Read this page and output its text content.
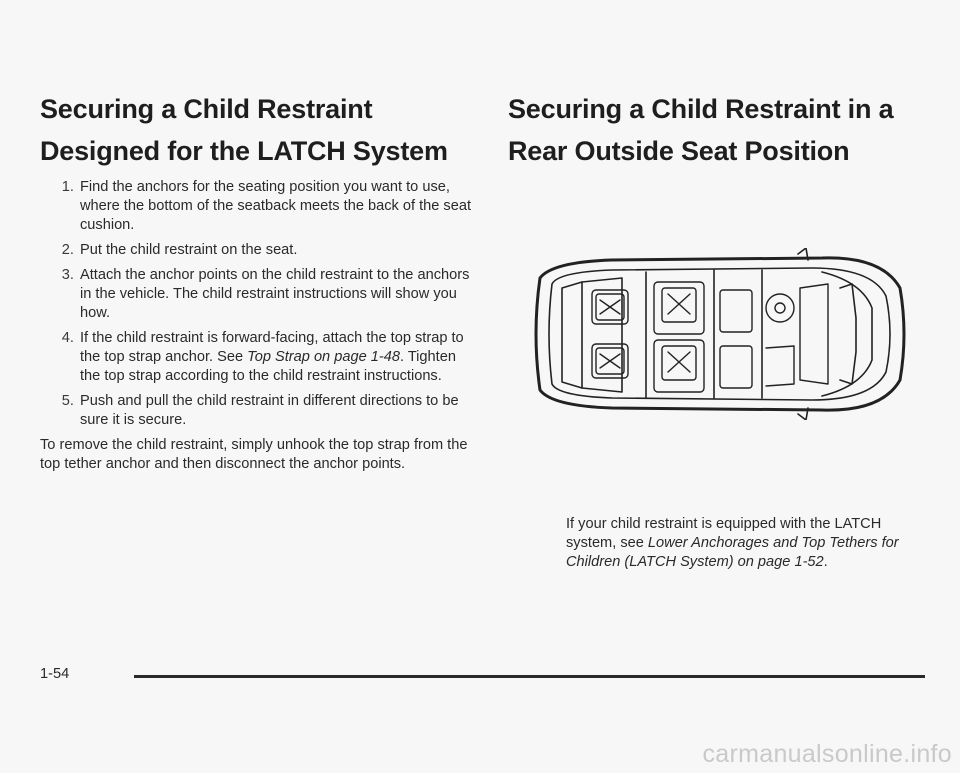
Securing a Child Restraint Designed for the LATCH System
1. Find the anchors for the seating position you want to use, where the bottom of the seatback meets the back of the seat cushion.
2. Put the child restraint on the seat.
3. Attach the anchor points on the child restraint to the anchors in the vehicle. The child restraint instructions will show you how.
4. If the child restraint is forward-facing, attach the top strap to the top strap anchor. See Top Strap on page 1-48. Tighten the top strap according to the child restraint instructions.
5. Push and pull the child restraint in different directions to be sure it is secure.

To remove the child restraint, simply unhook the top strap from the top tether anchor and then disconnect the anchor points.

Securing a Child Restraint in a Rear Outside Seat Position

If your child restraint is equipped with the LATCH system, see Lower Anchorages and Top Tethers for Children (LATCH System) on page 1-52.

1-54
carmanualsonline.info
